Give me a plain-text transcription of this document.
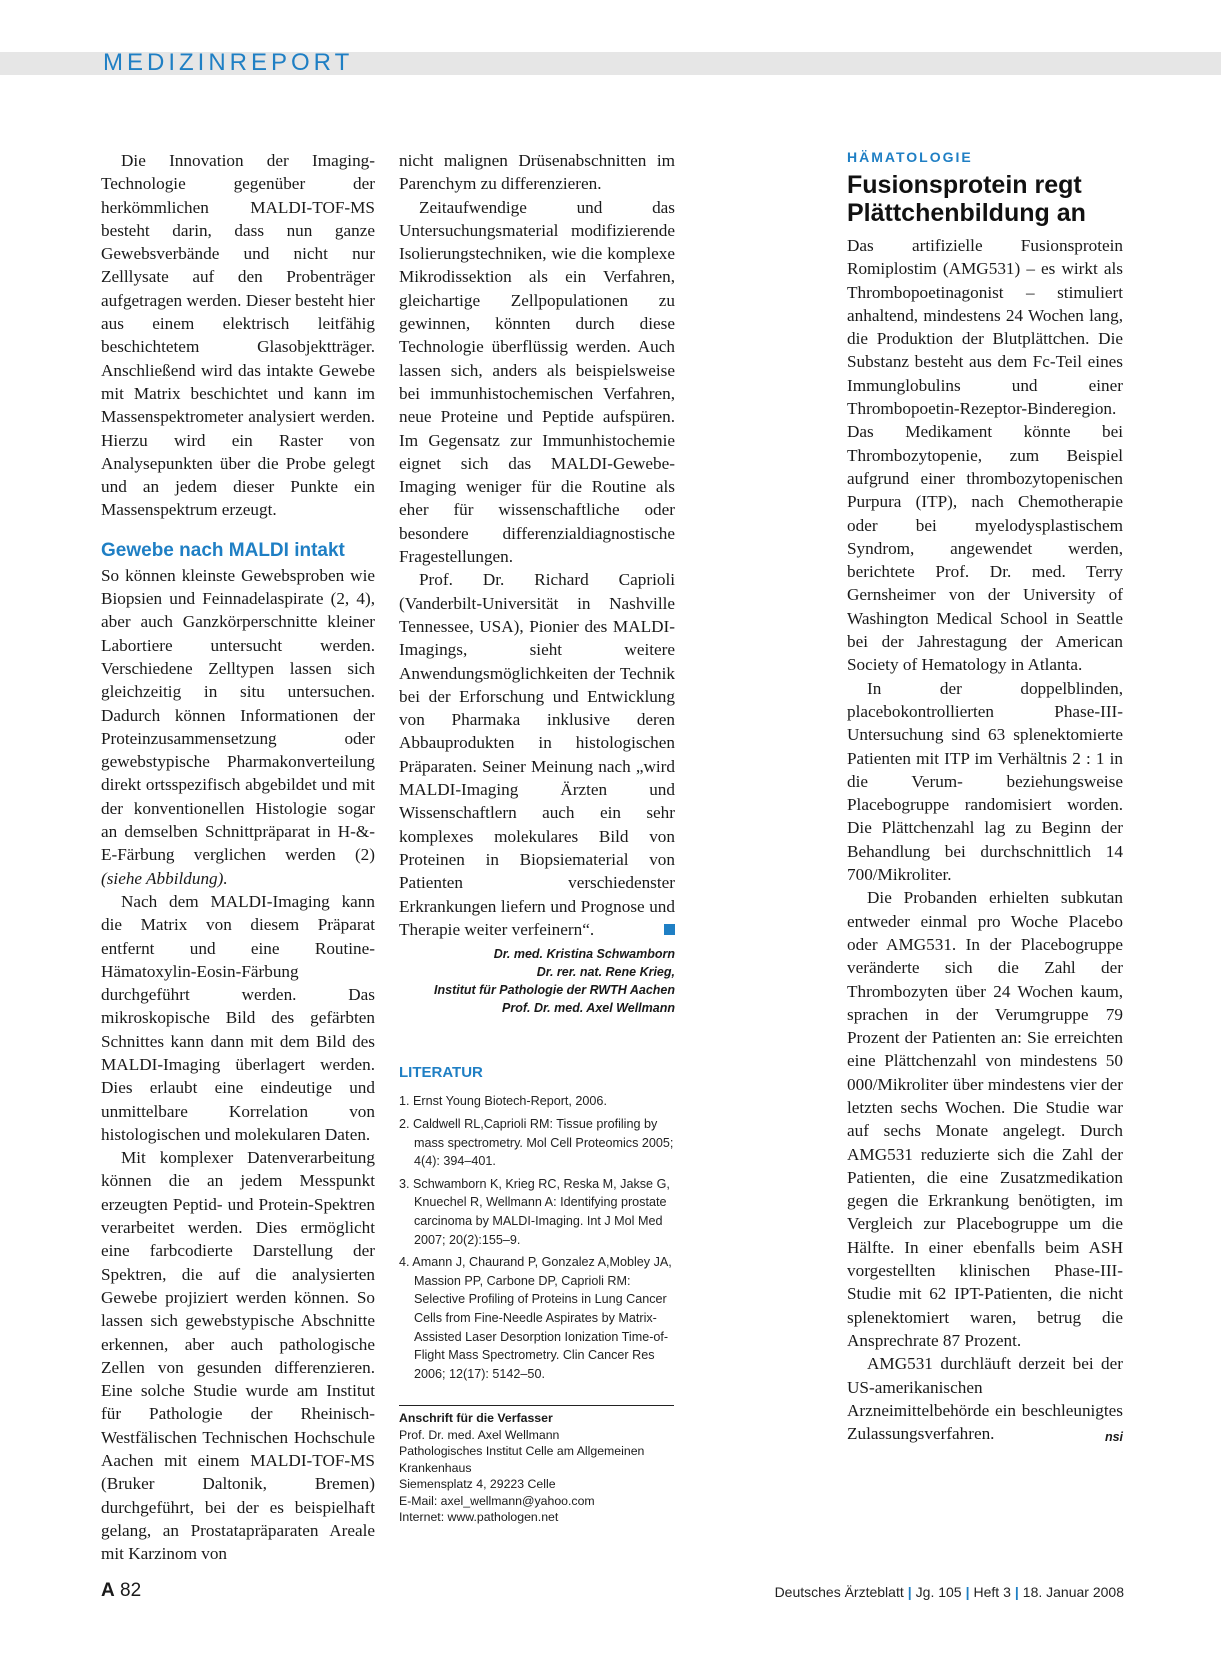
MEDIZINREPORT

Die Innovation der Imaging-Technologie gegenüber der herkömmlichen MALDI-TOF-MS besteht darin, dass nun ganze Gewebsverbände und nicht nur Zelllysate auf den Probenträger aufgetragen werden. Dieser besteht hier aus einem elektrisch leitfähig beschichtetem Glasobjektträger. Anschließend wird das intakte Gewebe mit Matrix beschichtet und kann im Massenspektrometer analysiert werden. Hierzu wird ein Raster von Analysepunkten über die Probe gelegt und an jedem dieser Punkte ein Massenspektrum erzeugt.

Gewebe nach MALDI intakt

So können kleinste Gewebsproben wie Biopsien und Feinnadelaspirate (2, 4), aber auch Ganzkörperschnitte kleiner Labortiere untersucht werden. Verschiedene Zelltypen lassen sich gleichzeitig in situ untersuchen. Dadurch können Informationen der Proteinzusammensetzung oder gewebstypische Pharmakonverteilung direkt ortsspezifisch abgebildet und mit der konventionellen Histologie sogar an demselben Schnittpräparat in H-&-E-Färbung verglichen werden (2) (siehe Abbildung).

Nach dem MALDI-Imaging kann die Matrix von diesem Präparat entfernt und eine Routine-Hämatoxylin-Eosin-Färbung durchgeführt werden. Das mikroskopische Bild des gefärbten Schnittes kann dann mit dem Bild des MALDI-Imaging überlagert werden. Dies erlaubt eine eindeutige und unmittelbare Korrelation von histologischen und molekularen Daten.

Mit komplexer Datenverarbeitung können die an jedem Messpunkt erzeugten Peptid- und Protein-Spektren verarbeitet werden. Dies ermöglicht eine farbcodierte Darstellung der Spektren, die auf die analysierten Gewebe projiziert werden können. So lassen sich gewebstypische Abschnitte erkennen, aber auch pathologische Zellen von gesunden differenzieren. Eine solche Studie wurde am Institut für Pathologie der Rheinisch-Westfälischen Technischen Hochschule Aachen mit einem MALDI-TOF-MS (Bruker Daltonik, Bremen) durchgeführt, bei der es beispielhaft gelang, an Prostatapräparaten Areale mit Karzinom von

nicht malignen Drüsenabschnitten im Parenchym zu differenzieren.

Zeitaufwendige und das Untersuchungsmaterial modifizierende Isolierungstechniken, wie die komplexe Mikrodissektion als ein Verfahren, gleichartige Zellpopulationen zu gewinnen, könnten durch diese Technologie überflüssig werden. Auch lassen sich, anders als beispielsweise bei immunhistochemischen Verfahren, neue Proteine und Peptide aufspüren. Im Gegensatz zur Immunhistochemie eignet sich das MALDI-Gewebe-Imaging weniger für die Routine als eher für wissenschaftliche oder besondere differenzialdiagnostische Fragestellungen.

Prof. Dr. Richard Caprioli (Vanderbilt-Universität in Nashville Tennessee, USA), Pionier des MALDI-Imagings, sieht weitere Anwendungsmöglichkeiten der Technik bei der Erforschung und Entwicklung von Pharmaka inklusive deren Abbauprodukten in histologischen Präparaten. Seiner Meinung nach „wird MALDI-Imaging Ärzten und Wissenschaftlern auch ein sehr komplexes molekulares Bild von Proteinen in Biopsiematerial von Patienten verschiedenster Erkrankungen liefern und Prognose und Therapie weiter verfeinern“.

Dr. med. Kristina Schwamborn
Dr. rer. nat. Rene Krieg,
Institut für Pathologie der RWTH Aachen
Prof. Dr. med. Axel Wellmann
LITERATUR
1. Ernst Young Biotech-Report, 2006.
2. Caldwell RL,Caprioli RM: Tissue profiling by mass spectrometry. Mol Cell Proteomics 2005; 4(4): 394–401.
3. Schwamborn K, Krieg RC, Reska M, Jakse G, Knuechel R, Wellmann A: Identifying prostate carcinoma by MALDI-Imaging. Int J Mol Med 2007; 20(2):155–9.
4. Amann J, Chaurand P, Gonzalez A,Mobley JA, Massion PP, Carbone DP, Caprioli RM: Selective Profiling of Proteins in Lung Cancer Cells from Fine-Needle Aspirates by Matrix-Assisted Laser Desorption Ionization Time-of-Flight Mass Spectrometry. Clin Cancer Res 2006; 12(17): 5142–50.
Anschrift für die Verfasser
Prof. Dr. med. Axel Wellmann
Pathologisches Institut Celle am Allgemeinen Krankenhaus
Siemensplatz 4, 29223 Celle
E-Mail: axel_wellmann@yahoo.com
Internet: www.pathologen.net
HÄMATOLOGIE
Fusionsprotein regt Plättchenbildung an

Das artifizielle Fusionsprotein Romiplostim (AMG531) – es wirkt als Thrombopoetinagonist – stimuliert anhaltend, mindestens 24 Wochen lang, die Produktion der Blutplättchen. Die Substanz besteht aus dem Fc-Teil eines Immunglobulins und einer Thrombopoetin-Rezeptor-Binderegion. Das Medikament könnte bei Thrombozytopenie, zum Beispiel aufgrund einer thrombozytopenischen Purpura (ITP), nach Chemotherapie oder bei myelodysplastischem Syndrom, angewendet werden, berichtete Prof. Dr. med. Terry Gernsheimer von der University of Washington Medical School in Seattle bei der Jahrestagung der American Society of Hematology in Atlanta.

In der doppelblinden, placebokontrollierten Phase-III-Untersuchung sind 63 splenektomierte Patienten mit ITP im Verhältnis 2 : 1 in die Verum- beziehungsweise Placebogruppe randomisiert worden. Die Plättchenzahl lag zu Beginn der Behandlung bei durchschnittlich 14 700/Mikroliter.

Die Probanden erhielten subkutan entweder einmal pro Woche Placebo oder AMG531. In der Placebogruppe veränderte sich die Zahl der Thrombozyten über 24 Wochen kaum, sprachen in der Verumgruppe 79 Prozent der Patienten an: Sie erreichten eine Plättchenzahl von mindestens 50 000/Mikroliter über mindestens vier der letzten sechs Wochen. Die Studie war auf sechs Monate angelegt. Durch AMG531 reduzierte sich die Zahl der Patienten, die eine Zusatzmedikation gegen die Erkrankung benötigten, im Vergleich zur Placebogruppe um die Hälfte. In einer ebenfalls beim ASH vorgestellten klinischen Phase-III-Studie mit 62 IPT-Patienten, die nicht splenektomiert waren, betrug die Ansprechrate 87 Prozent.

AMG531 durchläuft derzeit bei der US-amerikanischen Arzneimittelbehörde ein beschleunigtes Zulassungsverfahren.	nsi

A 82	Deutsches Ärzteblatt | Jg. 105 | Heft 3 | 18. Januar 2008
